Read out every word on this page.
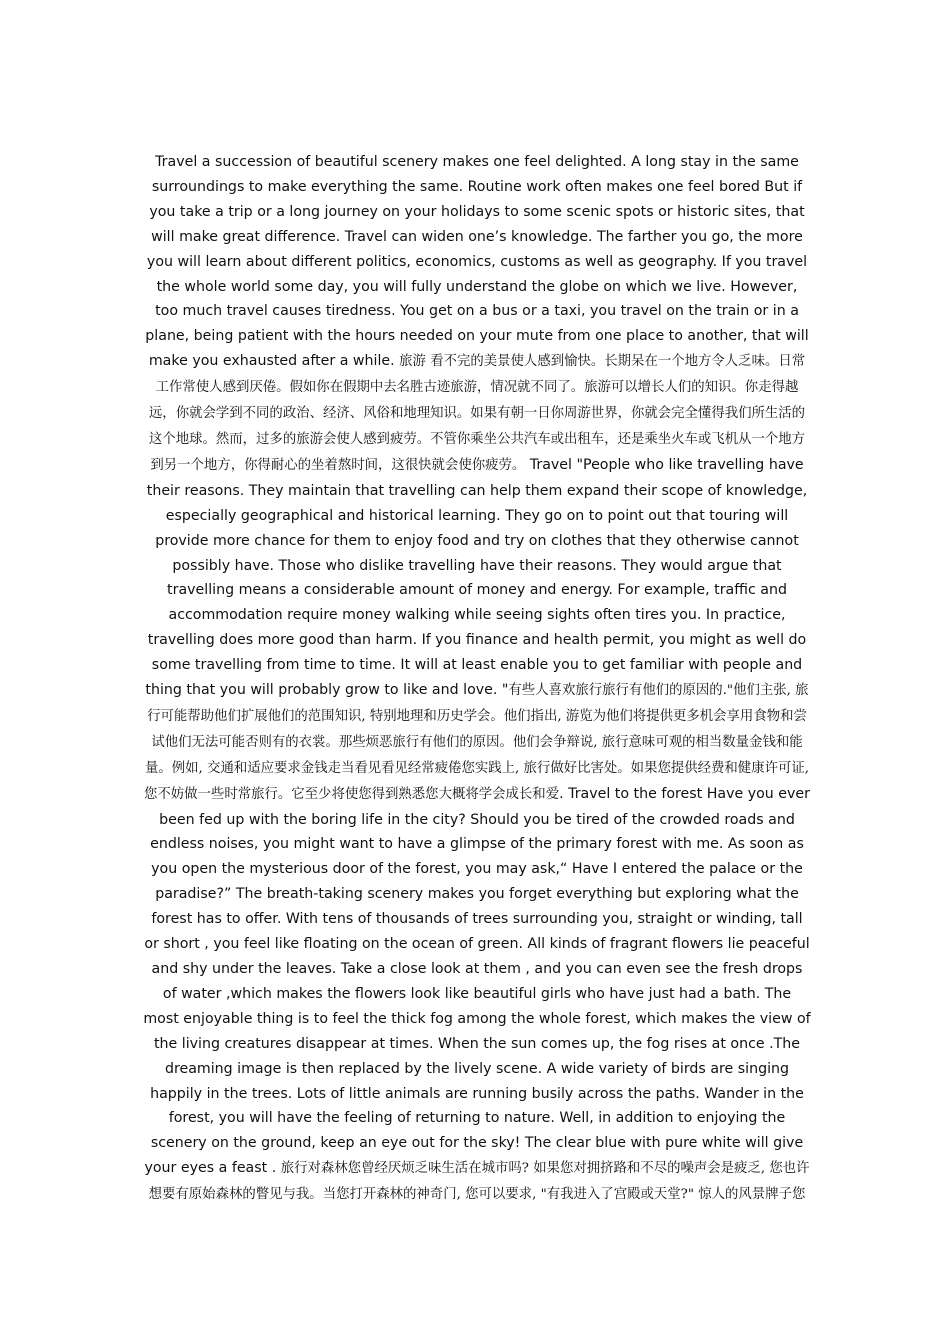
Travel a succession of beautiful scenery makes one feel delighted. A long stay in the same surroundings to make everything the same. Routine work often makes one feel bored But if you take a trip or a long journey on your holidays to some scenic spots or historic sites, that will make great difference. Travel can widen one’s knowledge. The farther you go, the more you will learn about different politics, economics, customs as well as geography. If you travel the whole world some day, you will fully understand the globe on which we live. However, too much travel causes tiredness. You get on a bus or a taxi, you travel on the train or in a plane, being patient with the hours needed on your mute from one place to another, that will make you exhausted after a while. 旅游 看不完的美景使人感到愉快。长期呆在一个地方令人乏味。日常工作常使人感到厌倦。假如你在假期中去名胜古迹旅游，情况就不同了。旅游可以增长人们的知识。你走得越远，你就会学到不同的政治、经济、风俗和地理知识。如果有朝一日你周游世界，你就会完全懂得我们所生活的这个地球。然而，过多的旅游会使人感到疲劳。不管你乘坐公共汽车或出租车，还是乘坐火车或飞机从一个地方到另一个地方，你得耐心的坐着熬时间，这很快就会使你疲劳。 Travel "People who like travelling have their reasons. They maintain that travelling can help them expand their scope of knowledge, especially geographical and historical learning. They go on to point out that touring will provide more chance for them to enjoy food and try on clothes that they otherwise cannot possibly have. Those who dislike travelling have their reasons. They would argue that travelling means a considerable amount of money and energy. For example, traffic and accommodation require money walking while seeing sights often tires you. In practice, travelling does more good than harm. If you finance and health permit, you might as well do some travelling from time to time. It will at least enable you to get familiar with people and thing that you will probably grow to like and love. "有些人喜欢旅行旅行有他们的原因的."他们主张, 旅行可能帮助他们扩展他们的范围知识, 特别地理和历史学会。他们指出, 游览为他们将提供更多机会享用食物和尝试他们无法可能否则有的衣裳。那些烦恶旅行有他们的原因。他们会争辩说, 旅行意味可观的相当数量金钱和能量。例如, 交通和适应要求金钱走当看见看见经常疲倦您实践上, 旅行做好比害处。如果您提供经费和健康许可证, 您不妨做一些时常旅行。它至少将使您得到熟悉您大概将学会成长和爱. Travel to the forest Have you ever been fed up with the boring life in the city? Should you be tired of the crowded roads and endless noises, you might want to have a glimpse of the primary forest with me. As soon as you open the mysterious door of the forest, you may ask,“ Have I entered the palace or the paradise?” The breath-taking scenery makes you forget everything but exploring what the forest has to offer. With tens of thousands of trees surrounding you, straight or winding, tall or short , you feel like floating on the ocean of green. All kinds of fragrant flowers lie peaceful and shy under the leaves. Take a close look at them , and you can even see the fresh drops of water ,which makes the flowers look like beautiful girls who have just had a bath. The most enjoyable thing is to feel the thick fog among the whole forest, which makes the view of the living creatures disappear at times. When the sun comes up, the fog rises at once .The dreaming image is then replaced by the lively scene. A wide variety of birds are singing happily in the trees. Lots of little animals are running busily across the paths. Wander in the forest, you will have the feeling of returning to nature. Well, in addition to enjoying the scenery on the ground, keep an eye out for the sky! The clear blue with pure white will give your eyes a feast . 旅行对森林您曾经厌烦乏味生活在城市吗? 如果您对拥挤路和不尽的噪声会是疲乏, 您也许想要有原始森林的瞥见与我。当您打开森林的神奇门, 您可以要求, "有我进入了宫殿或天堂?" 惊人的风景牌子您
